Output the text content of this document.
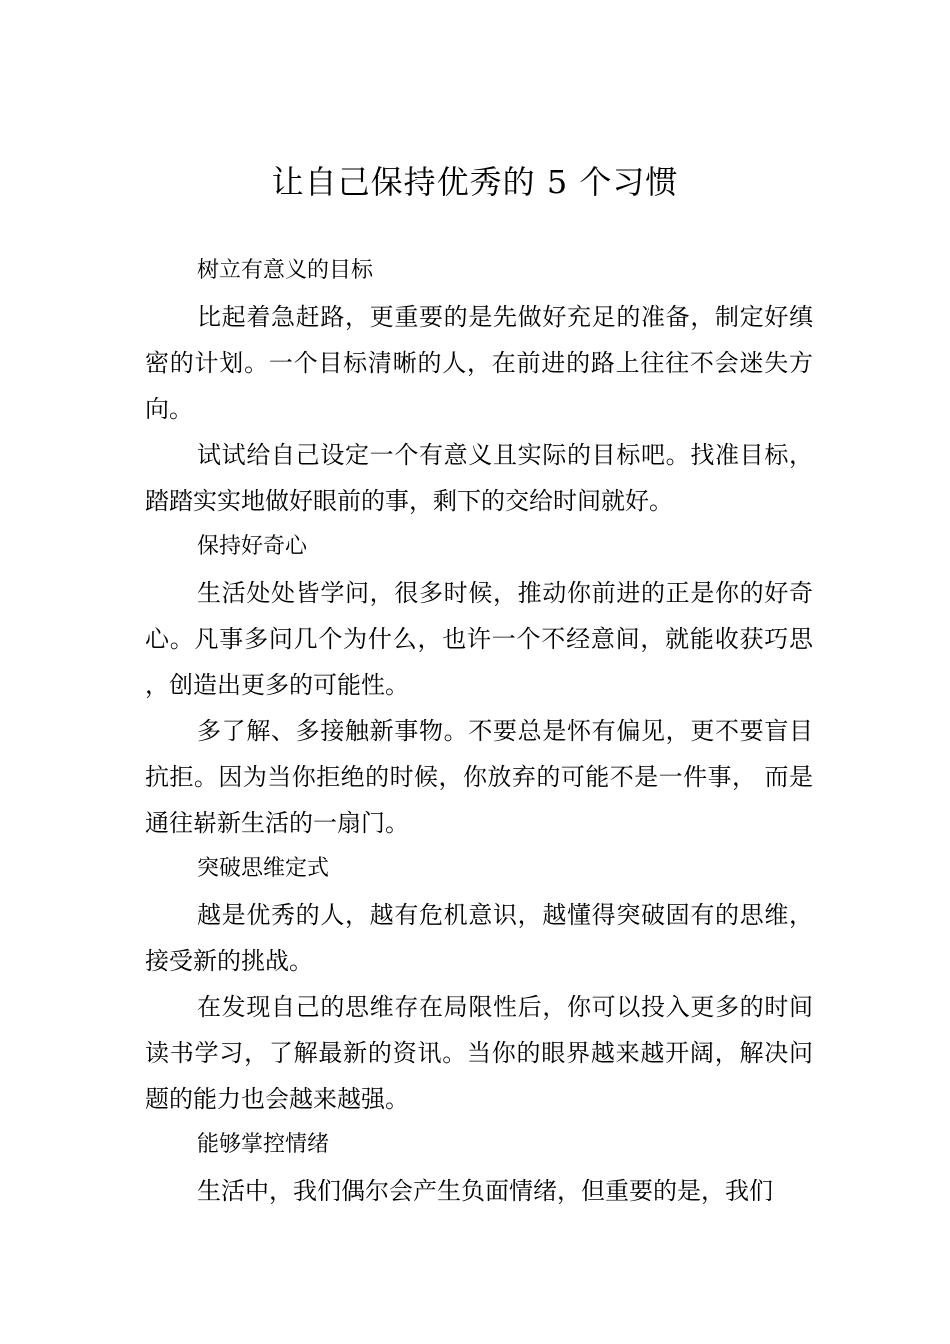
让自己保持优秀的 5 个习惯
树立有意义的目标

比起着急赶路，更重要的是先做好充足的准备，制定好缜密的计划。一个目标清晰的人，在前进的路上往往不会迷失方向。

试试给自己设定一个有意义且实际的目标吧。找准目标，踏踏实实地做好眼前的事，剩下的交给时间就好。

保持好奇心

生活处处皆学问，很多时候，推动你前进的正是你的好奇心。凡事多问几个为什么，也许一个不经意间，就能收获巧思，创造出更多的可能性。

多了解、多接触新事物。不要总是怀有偏见，更不要盲目抗拒。因为当你拒绝的时候，你放弃的可能不是一件事， 而是通往崭新生活的一扇门。

突破思维定式

越是优秀的人，越有危机意识，越懂得突破固有的思维，接受新的挑战。

在发现自己的思维存在局限性后，你可以投入更多的时间读书学习，了解最新的资讯。当你的眼界越来越开阔，解决问题的能力也会越来越强。

能够掌控情绪

生活中，我们偶尔会产生负面情绪，但重要的是，我们
